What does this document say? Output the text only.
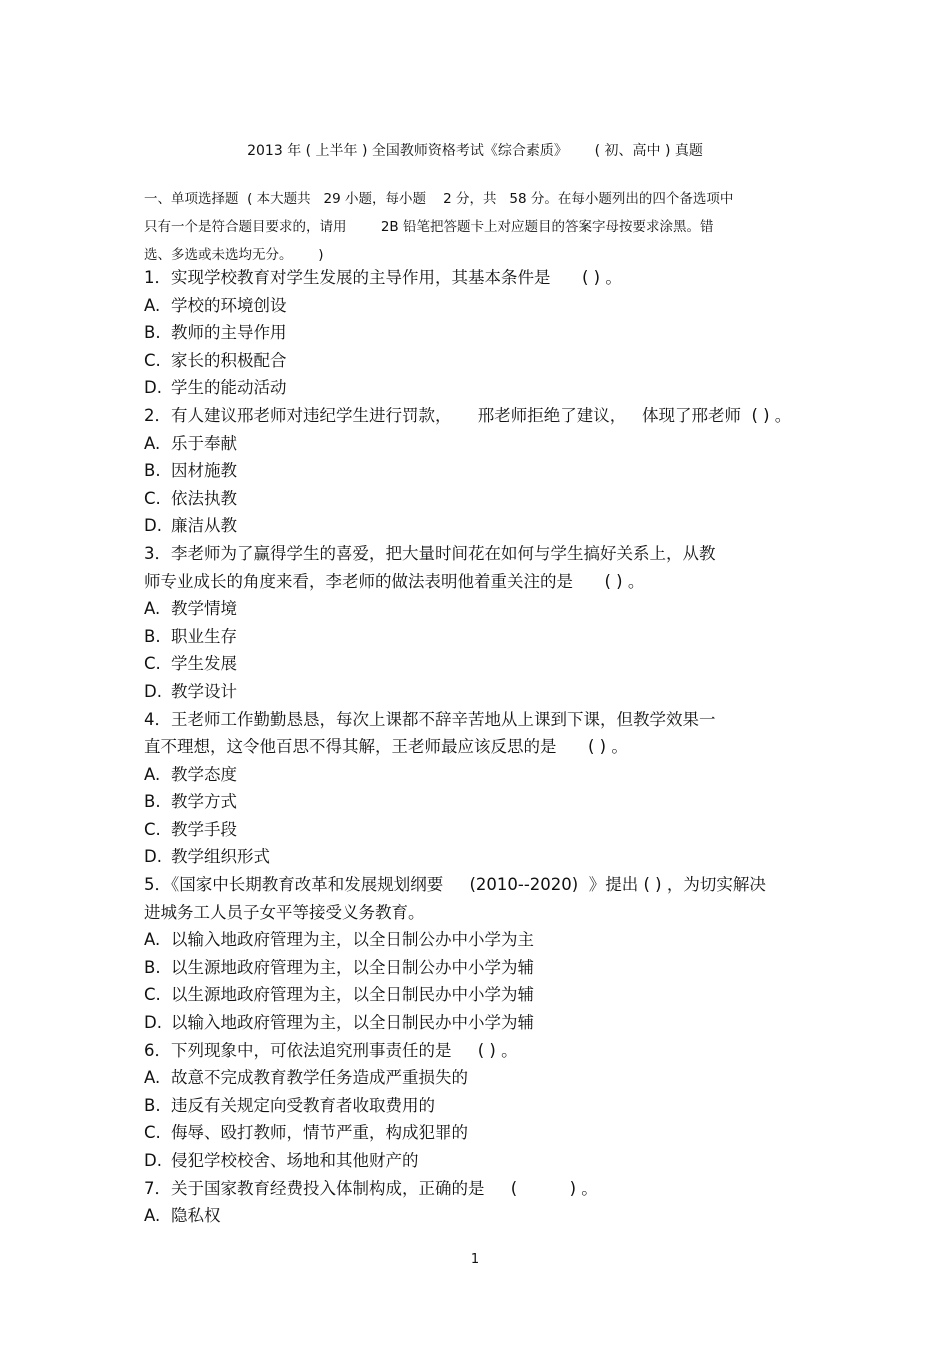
2013 年 ( 上半年 ) 全国教师资格考试《综合素质》      ( 初、高中 ) 真题
一、单项选择题  ( 本大题共   29 小题，每小题    2 分，共   58 分。在每小题列出的四个备选项中
只有一个是符合题目要求的，请用        2B 铅笔把答题卡上对应题目的答案字母按要求涂黑。错
选、多选或未选均无分。      )
1．实现学校教育对学生发展的主导作用，其基本条件是      ( ) 。
A. 学校的环境创设
B. 教师的主导作用
C. 家长的积极配合
D. 学生的能动活动
2．有人建议邢老师对违纪学生进行罚款，     邢老师拒绝了建议，   体现了邢老师  ( ) 。
A. 乐于奉献
B. 因材施教
C. 依法执教
D. 廉洁从教
3．李老师为了赢得学生的喜爱，把大量时间花在如何与学生搞好关系上，从教
师专业成长的角度来看，李老师的做法表明他着重关注的是      ( ) 。
A. 教学情境
B. 职业生存
C. 学生发展
D. 教学设计
4．王老师工作勤勤恳恳，每次上课都不辞辛苦地从上课到下课，但教学效果一
直不理想，这令他百思不得其解，王老师最应该反思的是      ( ) 。
A. 教学态度
B. 教学方式
C. 教学手段
D. 教学组织形式
5．《国家中长期教育改革和发展规划纲要     (2010--2020)  》提出 ( ) ，为切实解决
进城务工人员子女平等接受义务教育。
A. 以输入地政府管理为主，以全日制公办中小学为主
B. 以生源地政府管理为主，以全日制公办中小学为辅
C. 以生源地政府管理为主，以全日制民办中小学为辅
D. 以输入地政府管理为主，以全日制民办中小学为辅
6．下列现象中，可依法追究刑事责任的是     ( ) 。
A. 故意不完成教育教学任务造成严重损失的
B. 违反有关规定向受教育者收取费用的
C. 侮辱、殴打教师，情节严重，构成犯罪的
D. 侵犯学校校舍、场地和其他财产的
7．关于国家教育经费投入体制构成，正确的是     (          ) 。
A. 隐私权
1
